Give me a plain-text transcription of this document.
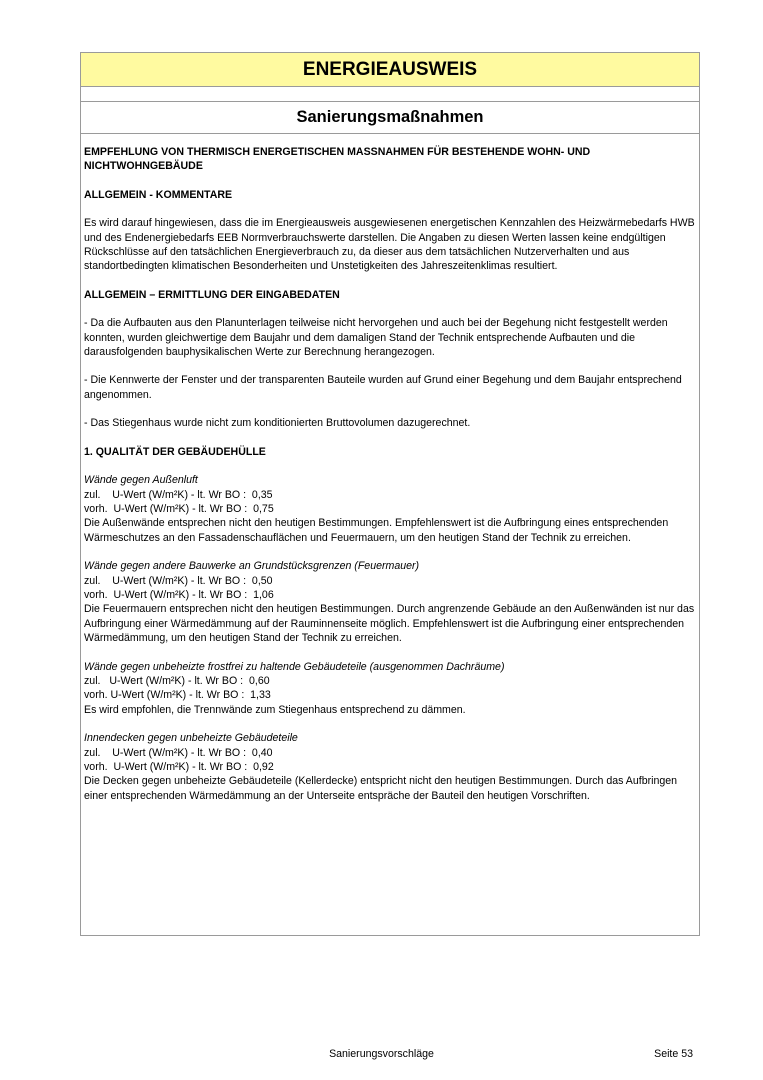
ENERGIEAUSWEIS
Sanierungsmaßnahmen

EMPFEHLUNG VON THERMISCH ENERGETISCHEN MASSNAHMEN FÜR BESTEHENDE WOHN- UND NICHTWOHNGEBÄUDE

ALLGEMEIN - KOMMENTARE

Es wird darauf hingewiesen, dass die im Energieausweis ausgewiesenen energetischen Kennzahlen des Heizwärmebedarfs HWB und des Endenergiebedarfs EEB Normverbrauchswerte darstellen. Die Angaben zu diesen Werten lassen keine endgültigen Rückschlüsse auf den tatsächlichen Energieverbrauch zu, da dieser aus dem tatsächlichen Nutzerverhalten und aus standortbedingten klimatischen Besonderheiten und Unstetigkeiten des Jahreszeitenklimas resultiert.

ALLGEMEIN – ERMITTLUNG DER EINGABEDATEN

- Da die Aufbauten aus den Planunterlagen teilweise nicht hervorgehen und auch bei der Begehung nicht festgestellt werden konnten, wurden gleichwertige dem Baujahr und dem damaligen Stand der Technik entsprechende Aufbauten und die darausfolgenden bauphysikalischen Werte zur Berechnung herangezogen.

- Die Kennwerte der Fenster und der transparenten Bauteile wurden auf Grund einer Begehung und dem Baujahr entsprechend angenommen.

- Das Stiegenhaus wurde nicht zum konditionierten Bruttovolumen dazugerechnet.

1. QUALITÄT DER GEBÄUDEHÜLLE

Wände gegen Außenluft
zul.    U-Wert (W/m²K) - lt. Wr BO :  0,35
vorh.  U-Wert (W/m²K) - lt. Wr BO :  0,75
Die Außenwände entsprechen nicht den heutigen Bestimmungen. Empfehlenswert ist die Aufbringung eines entsprechenden Wärmeschutzes an den Fassadenschauflächen und Feuermauern, um den heutigen Stand der Technik zu erreichen.

Wände gegen andere Bauwerke an Grundstücksgrenzen (Feuermauer)
zul.    U-Wert (W/m²K) - lt. Wr BO :  0,50
vorh.  U-Wert (W/m²K) - lt. Wr BO :  1,06
Die Feuermauern entsprechen nicht den heutigen Bestimmungen. Durch angrenzende Gebäude an den Außenwänden ist nur das Aufbringung einer Wärmedämmung auf der Rauminnenseite möglich. Empfehlenswert ist die Aufbringung einer entsprechenden Wärmedämmung, um den heutigen Stand der Technik zu erreichen.

Wände gegen unbeheizte frostfrei zu haltende Gebäudeteile (ausgenommen Dachräume)
zul.   U-Wert (W/m²K) - lt. Wr BO :  0,60
vorh. U-Wert (W/m²K) - lt. Wr BO :  1,33
Es wird empfohlen, die Trennwände zum Stiegenhaus entsprechend zu dämmen.

Innendecken gegen unbeheizte Gebäudeteile
zul.    U-Wert (W/m²K) - lt. Wr BO :  0,40
vorh.  U-Wert (W/m²K) - lt. Wr BO :  0,92
Die Decken gegen unbeheizte Gebäudeteile (Kellerdecke) entspricht nicht den heutigen Bestimmungen. Durch das Aufbringen einer entsprechenden Wärmedämmung an der Unterseite entspräche der Bauteil den heutigen Vorschriften.

Sanierungsvorschläge	Seite 53
